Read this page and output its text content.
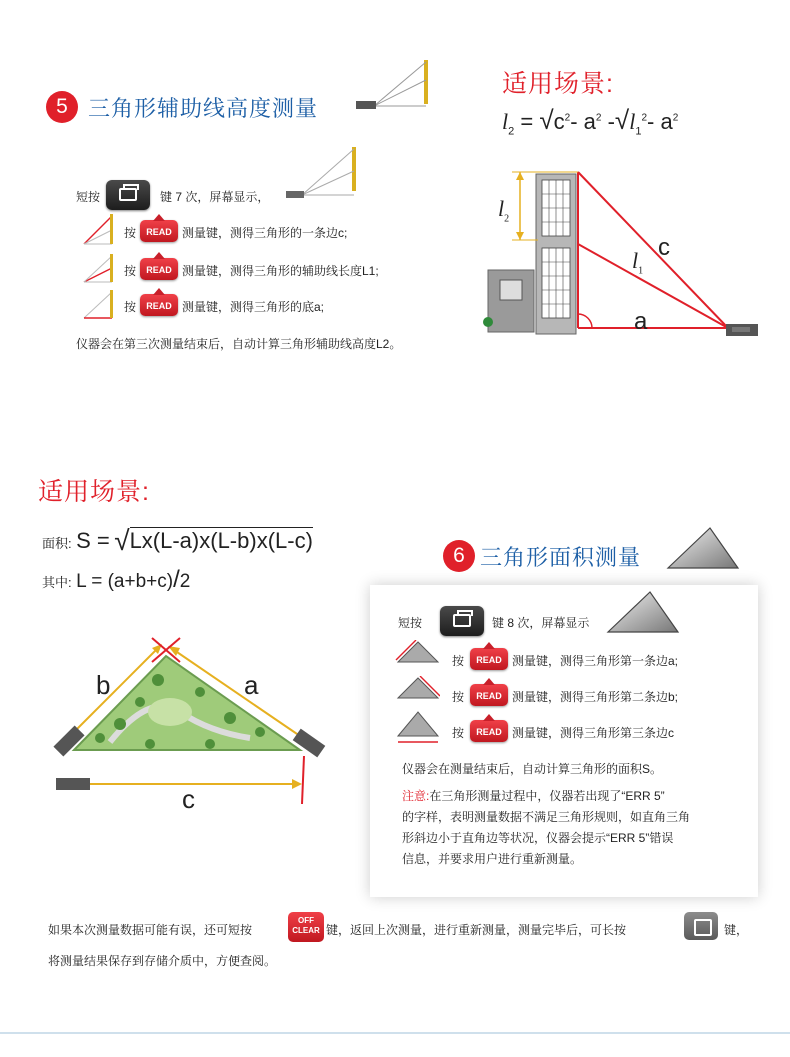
5 三角形辅助线高度测量
适用场景:
$l_2 = √c^2-$ $a^2$ $-√l_1^2-$ $a^2$
短按	键 7 次，屏幕显示，
按	READ 测量键，测得三角形的一条边c;
按	READ 测量键，测得三角形的辅助线长度L1;
按	READ 测量键，测得三角形的底a;
仪器会在第三次测量结束后，自动计算三角形辅助线高度L2。
$l_2$
c
$l_1$
a
适用场景:
面积: S = √Lx(L-a)x(L-b)x(L-c)
其中: L = (a+b+c)/2
6 三角形面积测量
b	a
c
短按	键 8 次，屏幕显示
按	READ 测量键，测得三角形第一条边a;
按	READ 测量键，测得三角形第二条边b;
按	READ 测量键，测得三角形第三条边c
仪器会在测量结束后，自动计算三角形的面积S。
注意:在三角形测量过程中，仪器若出现了“ERR 5”
的字样，表明测量数据不满足三角形规则，如直角三角
形斜边小于直角边等状况，仪器会提示“ERR 5”错误
信息，并要求用户进行重新测量。
如果本次测量数据可能有误，还可短按
OFF
CLEAR 键，返回上次测量，进行重新测量，测量完毕后，可长按	键，
将测量结果保存到存储介质中，方便查阅。
